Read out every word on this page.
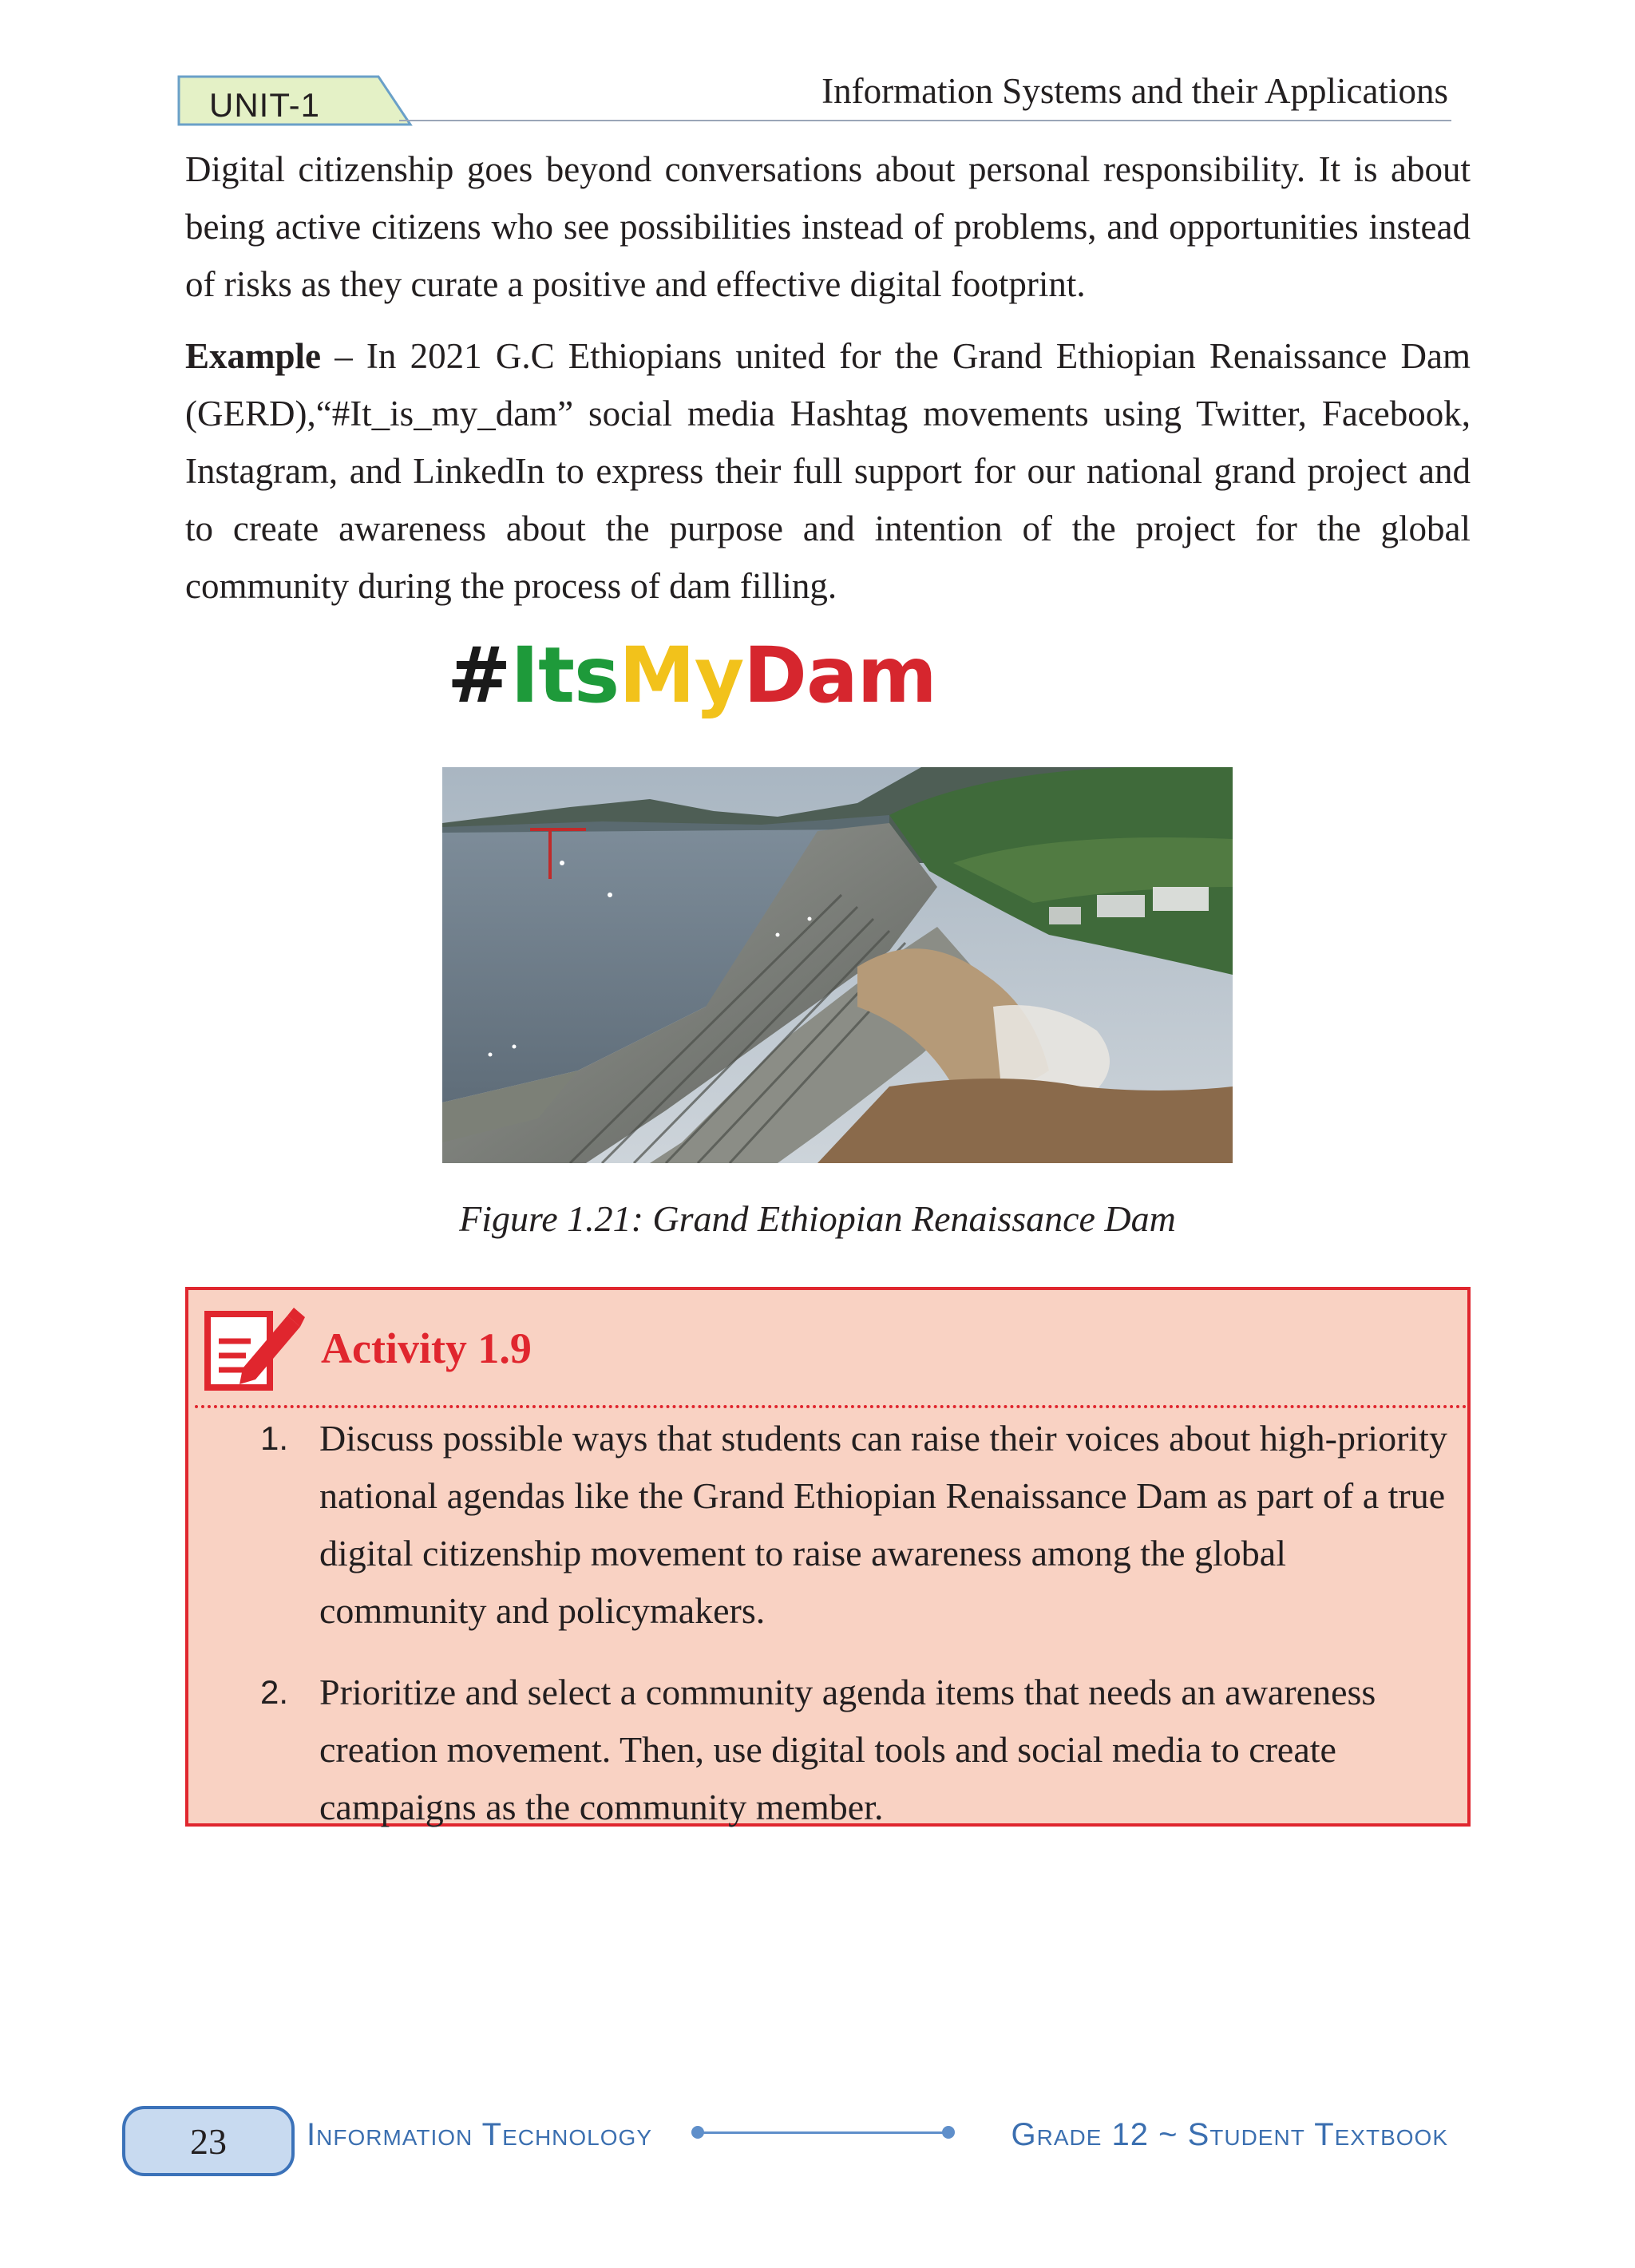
UNIT-1	Information Systems and their Applications

Digital citizenship goes beyond conversations about personal responsibility. It is about being active citizens who see possibilities instead of problems, and opportunities instead of risks as they curate a positive and effective digital footprint.

Example – In 2021 G.C Ethiopians united for the Grand Ethiopian Renaissance Dam (GERD),“#It_is_my_dam” social media Hashtag movements using Twitter, Facebook, Instagram, and LinkedIn to express their full support for our national grand project and to create awareness about the purpose and intention of the project for the global community during the process of dam filling.

#ItsMyDam
Figure 1.21: Grand Ethiopian Renaissance Dam
Activity 1.9
1. Discuss possible ways that students can raise their voices about high-priority national agendas like the Grand Ethiopian Renaissance Dam as part of a true digital citizenship movement to raise awareness among the global community and policymakers.

2. Prioritize and select a community agenda items that needs an awareness creation movement. Then, use digital tools and social media to create campaigns as the community member.

23	Information Technology	Grade 12 ~ Student Textbook
